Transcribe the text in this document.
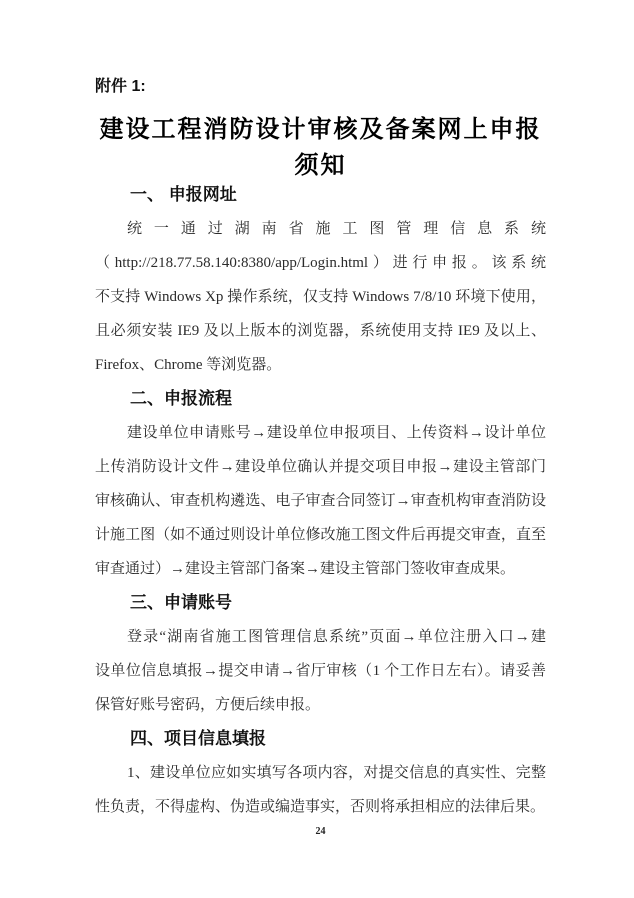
附件 1:
建设工程消防设计审核及备案网上申报
须知
一、 申报网址
统一通过湖南省施工图管理信息系统
（http://218.77.58.140:8380/app/Login.html）进行申报。该系统
不支持 Windows Xp 操作系统，仅支持 Windows 7/8/10 环境下使用，
且必须安装 IE9 及以上版本的浏览器，系统使用支持 IE9 及以上、
Firefox、Chrome 等浏览器。
二、申报流程
建设单位申请账号→建设单位申报项目、上传资料→设计单位
上传消防设计文件→建设单位确认并提交项目申报→建设主管部门
审核确认、审查机构遴选、电子审查合同签订→审查机构审查消防设
计施工图（如不通过则设计单位修改施工图文件后再提交审查，直至
审查通过）→建设主管部门备案→建设主管部门签收审查成果。
三、申请账号
登录“湖南省施工图管理信息系统”页面→单位注册入口→建
设单位信息填报→提交申请→省厅审核（1 个工作日左右）。请妥善
保管好账号密码，方便后续申报。
四、项目信息填报
1、建设单位应如实填写各项内容，对提交信息的真实性、完整
性负责，不得虚构、伪造或编造事实，否则将承担相应的法律后果。
24
